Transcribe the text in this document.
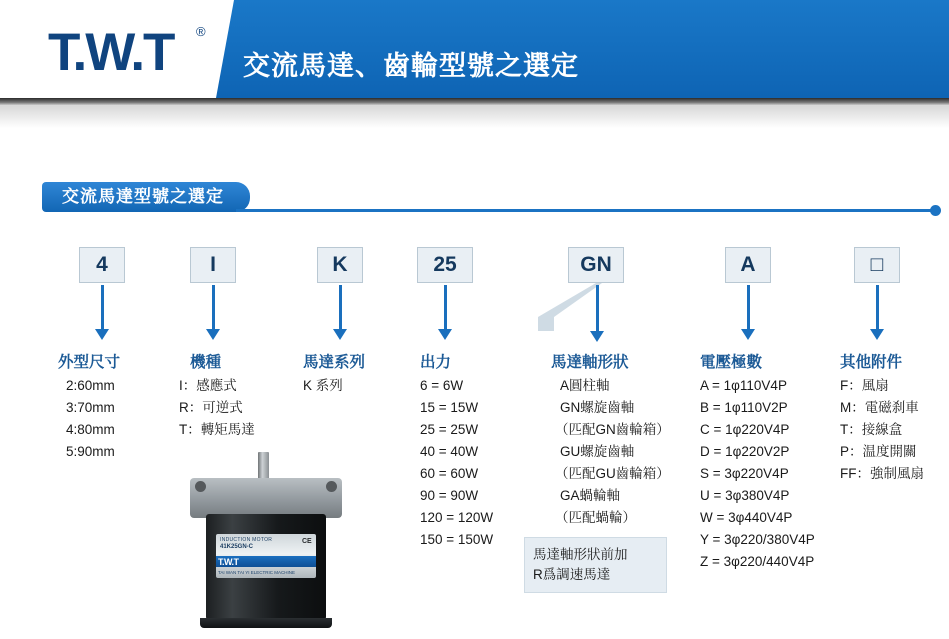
T.W.T ®
交流馬達、齒輪型號之選定
交流馬達型號之選定
4	I	K	25	GN	A	□
外型尺寸
2:60mm
3:70mm
4:80mm
5:90mm
機種
I：感應式
R：可逆式
T：轉矩馬達
馬達系列
K 系列
出力
6 = 6W
15 = 15W
25 = 25W
40 = 40W
60 = 60W
90 = 90W
120 = 120W
150 = 150W
馬達軸形狀
A圓柱軸
GN螺旋齒軸
（匹配GN齒輪箱）
GU螺旋齒軸
（匹配GU齒輪箱）
GA蝸輪軸
（匹配蝸輪）
電壓極數
A = 1φ110V4P
B = 1φ110V2P
C = 1φ220V4P
D = 1φ220V2P
S = 3φ220V4P
U = 3φ380V4P
W = 3φ440V4P
Y = 3φ220/380V4P
Z = 3φ220/440V4P
其他附件
F：風扇
M：電磁刹車
T：接線盒
P：温度開關
FF：強制風扇
馬達軸形狀前加
R爲調速馬達
INDUCTION MOTOR
41K25GN-C
T.W.T
TAI WAN TAI YI ELECTRIC MACHINE
CE
